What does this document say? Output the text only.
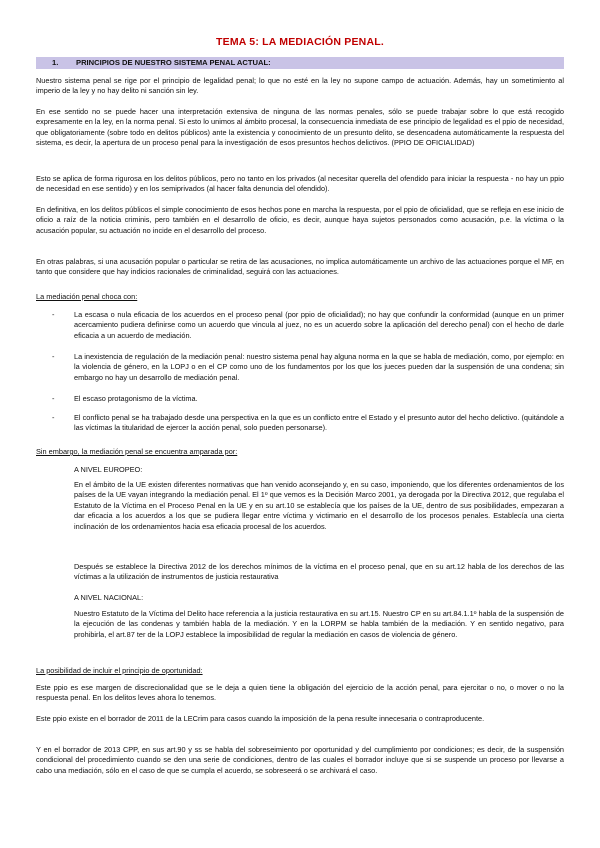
TEMA 5: LA MEDIACIÓN PENAL.
1. PRINCIPIOS DE NUESTRO SISTEMA PENAL ACTUAL:

Nuestro sistema penal se rige por el principio de legalidad penal; lo que no esté en la ley no supone campo de actuación. Además, hay un sometimiento al imperio de la ley y no hay delito ni sanción sin ley.

En ese sentido no se puede hacer una interpretación extensiva de ninguna de las normas penales, sólo se puede trabajar sobre lo que está recogido expresamente en la ley, en la norma penal. Si esto lo unimos al ámbito procesal, la consecuencia inmediata de ese principio de legalidad es el ppio de necesidad, que obligatoriamente (sobre todo en delitos públicos) ante la existencia y conocimiento de un presunto delito, se desencadena automáticamente la respuesta del sistema, es decir, la apertura de un proceso penal para la investigación de esos presuntos hechos delictivos. (PPIO DE OFICIALIDAD)

Esto se aplica de forma rigurosa en los delitos públicos, pero no tanto en los privados (al necesitar querella del ofendido para iniciar la respuesta - no hay un ppio de necesidad en ese sentido) y en los semiprivados (al hacer falta denuncia del ofendido).

En definitiva, en los delitos públicos el simple conocimiento de esos hechos pone en marcha la respuesta, por el ppio de oficialidad, que se refleja en ese inicio de oficio a raíz de la noticia criminis, pero también en el desarrollo de oficio, es decir, aunque haya sujetos personados como acusación, p.e. la víctima o la acusación popular, su actuación no incide en el desarrollo del proceso.

En otras palabras, si una acusación popular o particular se retira de las acusaciones, no implica automáticamente un archivo de las actuaciones porque el MF, en tanto que considere que hay indicios racionales de criminalidad, seguirá con las actuaciones.

La mediación penal choca con:
-	La escasa o nula eficacia de los acuerdos en el proceso penal (por ppio de oficialidad); no hay que confundir la conformidad (aunque en un primer acercamiento pudiera definirse como un acuerdo que vincula al juez, no es un acuerdo sobre la aplicación del derecho penal) con el hecho de darle eficacia a un acuerdo de mediación.

-	La inexistencia de regulación de la mediación penal: nuestro sistema penal hay alguna norma en la que se habla de mediación, como, por ejemplo: en la violencia de género, en la LOPJ o en el CP como uno de los fundamentos por los que los jueces pueden dar la suspensión de una condena; sin embargo no hay un desarrollo de mediación penal.

-	El escaso protagonismo de la víctima.

-	El conflicto penal se ha trabajado desde una perspectiva en la que es un conflicto entre el Estado y el presunto autor del hecho delictivo. (quitándole a las víctimas la titularidad de ejercer la acción penal, solo pueden personarse).

Sin embargo, la mediación penal se encuentra amparada por:
A NIVEL EUROPEO:

En el ámbito de la UE existen diferentes normativas que han venido aconsejando y, en su caso, imponiendo, que los diferentes ordenamientos de los países de la UE vayan integrando la mediación penal. El 1º que vemos es la Decisión Marco 2001, ya derogada por la Directiva 2012, que regulaba el Estatuto de la Víctima en el Proceso Penal en la UE y en su art.10 se establecía que los países de la UE, dentro de sus posibilidades, empezaran a dar eficacia a los acuerdos a los que se pudiera llegar entre víctima y victimario en el desarrollo de los procesos penales. Establecía una cierta inclinación de los ordenamientos hacia esa eficacia procesal de los acuerdos.

Después se establece la Directiva 2012 de los derechos mínimos de la víctima en el proceso penal, que en su art.12 habla de los derechos de las víctimas a la utilización de instrumentos de justicia restaurativa

A NIVEL NACIONAL:

Nuestro Estatuto de la Víctima del Delito hace referencia a la justicia restaurativa en su art.15. Nuestro CP en su art.84.1.1º habla de la suspensión de la ejecución de las condenas y también habla de la mediación. Y en la LORPM se habla también de la mediación. Y en sentido negativo, para prohibirla, el art.87 ter de la LOPJ establece la imposibilidad de regular la mediación en casos de violencia de género.

La posibilidad de incluir el principio de oportunidad:

Este ppio es ese margen de discrecionalidad que se le deja a quien tiene la obligación del ejercicio de la acción penal, para ejercitar o no, o mover o no la respuesta penal. En los delitos leves ahora lo tenemos.

Este ppio existe en el borrador de 2011 de la LECrim para casos cuando la imposición de la pena resulte innecesaria o contraproducente.

Y en el borrador de 2013 CPP, en sus art.90 y ss se habla del sobreseimiento por oportunidad y del cumplimiento por condiciones; es decir, de la suspensión condicional del procedimiento cuando se den una serie de condiciones, dentro de las cuales el borrador incluye que si se suspende un proceso por llevarse a cabo una mediación, sólo en el caso de que se cumpla el acuerdo, se sobreseerá o se archivará el caso.
